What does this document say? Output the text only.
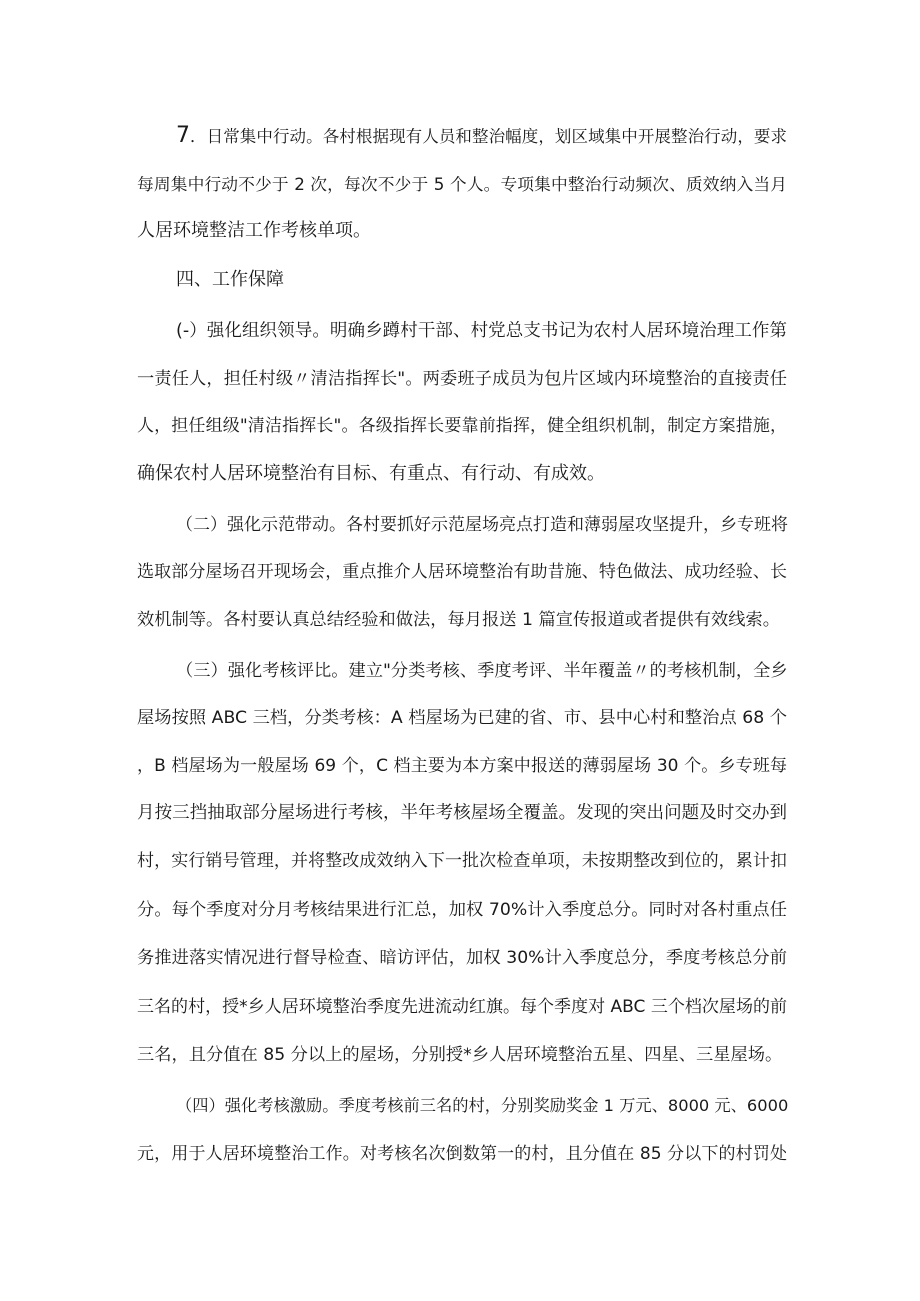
7．日常集中行动。各村根据现有人员和整治幅度，划区域集中开展整治行动，要求
每周集中行动不少于 2 次，每次不少于 5 个人。专项集中整治行动频次、质效纳入当月
人居环境整洁工作考核单项。
四、工作保障
(-）强化组织领导。明确乡蹲村干部、村党总支书记为农村人居环境治理工作第
一责任人，担任村级〃清洁指挥长"。两委班子成员为包片区域内环境整治的直接责任
人，担任组级"清洁指挥长"。各级指挥长要靠前指挥，健全组织机制，制定方案措施，
确保农村人居环境整治有目标、有重点、有行动、有成效。
（二）强化示范带动。各村要抓好示范屋场亮点打造和薄弱屋攻坚提升，乡专班将
选取部分屋场召开现场会，重点推介人居环境整治有助昔施、特色做法、成功经验、长
效机制等。各村要认真总结经验和做法，每月报送 1 篇宣传报道或者提供有效线索。
（三）强化考核评比。建立"分类考核、季度考评、半年覆盖〃的考核机制，全乡
屋场按照 ABC 三档，分类考核：A 档屋场为已建的省、市、县中心村和整治点 68 个
，B 档屋场为一般屋场 69 个，C 档主要为本方案中报送的薄弱屋场 30 个。乡专班每
月按三挡抽取部分屋场进行考核，半年考核屋场全覆盖。发现的突出问题及时交办到
村，实行销号管理，并将整改成效纳入下一批次检查单项，未按期整改到位的，累计扣
分。每个季度对分月考核结果进行汇总，加权 70%计入季度总分。同时对各村重点任
务推进落实情况进行督导检查、暗访评估，加权 30%计入季度总分，季度考核总分前
三名的村，授*乡人居环境整治季度先进流动红旗。每个季度对 ABC 三个档次屋场的前
三名，且分值在 85 分以上的屋场，分别授*乡人居环境整治五星、四星、三星屋场。
（四）强化考核激励。季度考核前三名的村，分别奖励奖金 1 万元、8000 元、6000
元，用于人居环境整治工作。对考核名次倒数第一的村，且分值在 85 分以下的村罚处
